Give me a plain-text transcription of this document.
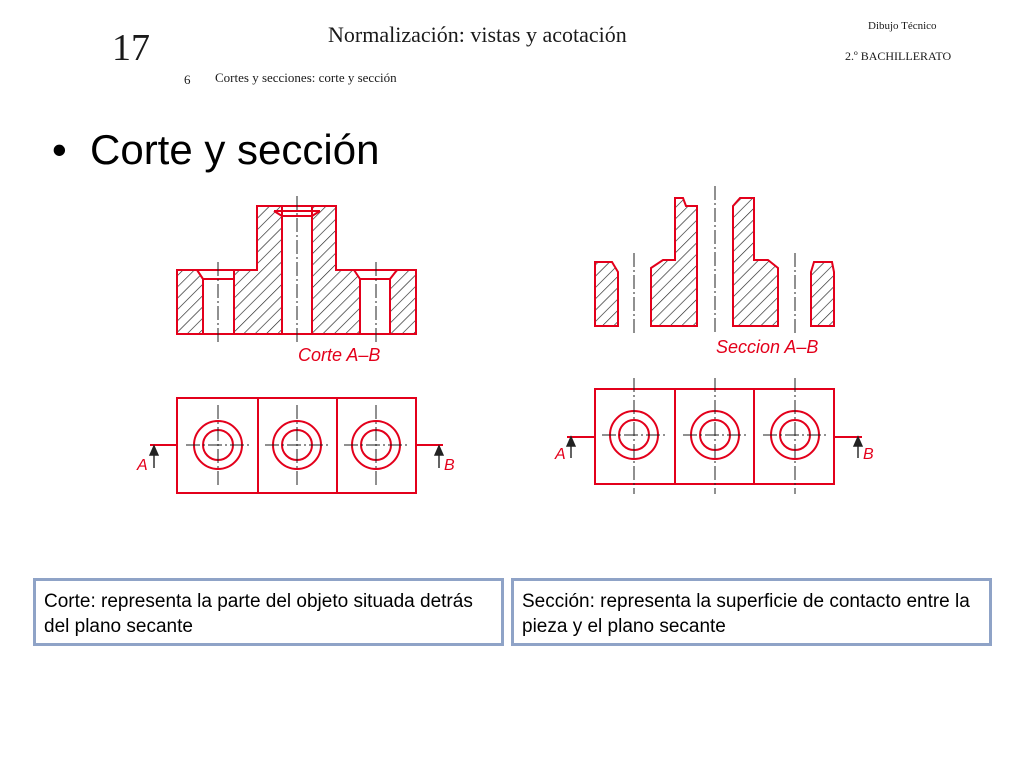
17	Normalización: vistas y acotación
6 Cortes y secciones: corte y sección
Dibujo Técnico
2.º BACHILLERATO
• Corte y sección
Corte A–B
A	B
Seccion A–B
A	B
Corte: representa la parte del objeto situada detrás del plano secante
Sección: representa la superficie de contacto entre la pieza y el plano secante
